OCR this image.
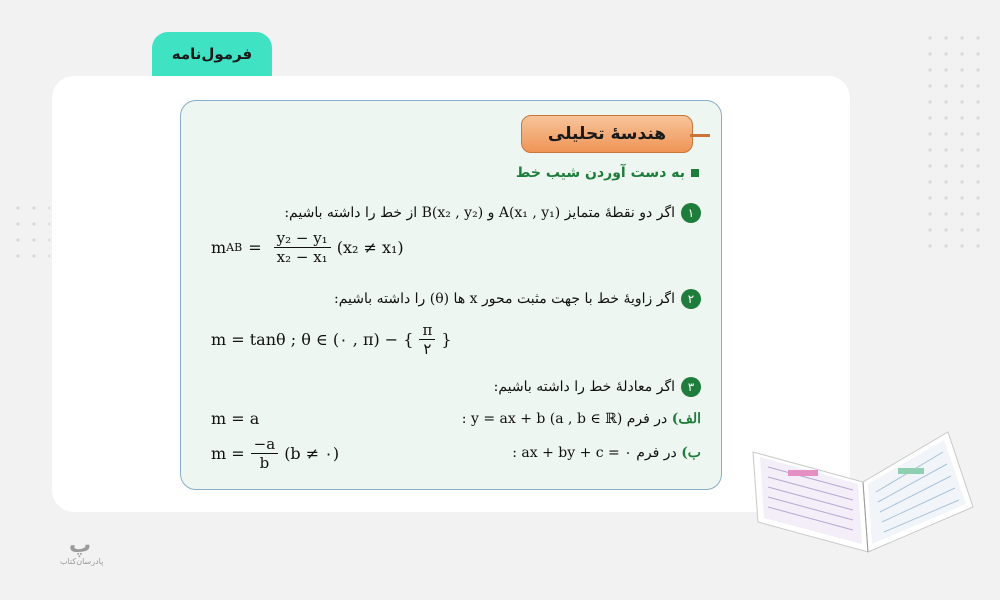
فرمول‌نامه
هندسهٔ تحلیلی
به دست آوردن شیب خط
۱اگر دو نقطهٔ متمایز A(x₁ , y₁) و B(x₂ , y₂) از خط را داشته باشیم:
m AB = $\frac{\text{y₂ − y₁}}{\text{x₂ − x₁}} (x_2 \ne x_1)$
۲اگر زاویهٔ خط با جهت مثبت محور x ها (θ) را داشته باشیم:
m = tanθ ; θ ∈ (۰ , π) − { $\frac{\pi}{۲}$ }
۳اگر معادلهٔ خط را داشته باشیم:
الف) در فرم y = ax + b (a , b ∈ ℝ) :
m = a
ب) در فرم ax + by + c = ۰ :
$m = \frac{-a}{b} (b$ ≠ ۰)
پ
پادرسان‌کتاب
